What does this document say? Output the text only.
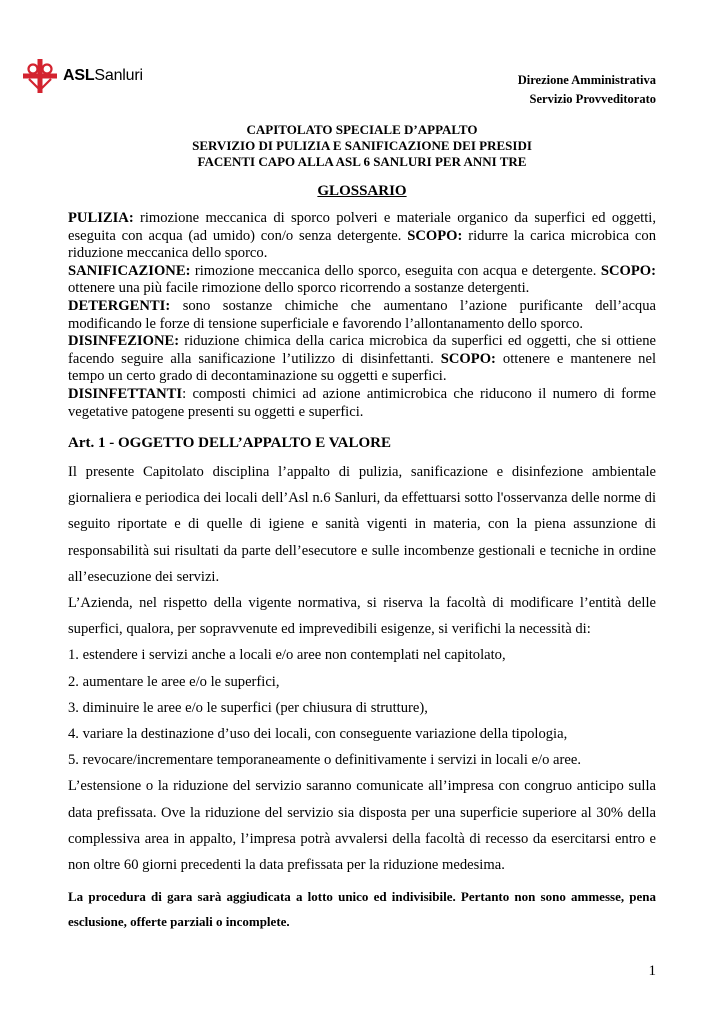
ASLSanluri	Direzione Amministrativa
Servizio Provveditorato
CAPITOLATO SPECIALE D’APPALTO
SERVIZIO DI PULIZIA E SANIFICAZIONE DEI PRESIDI
FACENTI CAPO ALLA ASL 6 SANLURI PER ANNI TRE
GLOSSARIO

PULIZIA: rimozione meccanica di sporco polveri e materiale organico da superfici ed oggetti, eseguita con acqua (ad umido) con/o senza detergente. SCOPO: ridurre la carica microbica con riduzione meccanica dello sporco.

SANIFICAZIONE: rimozione meccanica dello sporco, eseguita con acqua e detergente. SCOPO: ottenere una più facile rimozione dello sporco ricorrendo a sostanze detergenti.

DETERGENTI: sono sostanze chimiche che aumentano l’azione purificante dell’acqua modificando le forze di tensione superficiale e favorendo l’allontanamento dello sporco.

DISINFEZIONE: riduzione chimica della carica microbica da superfici ed oggetti, che si ottiene facendo seguire alla sanificazione l’utilizzo di disinfettanti. SCOPO: ottenere e mantenere nel tempo un certo grado di decontaminazione su oggetti e superfici.

DISINFETTANTI: composti chimici ad azione antimicrobica che riducono il numero di forme vegetative patogene presenti su oggetti e superfici.

Art. 1 - OGGETTO DELL’APPALTO E VALORE

Il presente Capitolato disciplina l’appalto di pulizia, sanificazione e disinfezione ambientale giornaliera e periodica dei locali dell’Asl n.6 Sanluri, da effettuarsi sotto l'osservanza delle norme di seguito riportate e di quelle di igiene e sanità vigenti in materia, con la piena assunzione di responsabilità sui risultati da parte dell’esecutore e sulle incombenze gestionali e tecniche in ordine all’esecuzione dei servizi.

L’Azienda, nel rispetto della vigente normativa, si riserva la facoltà di modificare l’entità delle superfici, qualora, per sopravvenute ed imprevedibili esigenze, si verifichi la necessità di:

1. estendere i servizi anche a locali e/o aree non contemplati nel capitolato,

2. aumentare le aree e/o le superfici,

3. diminuire le aree e/o le superfici (per chiusura di strutture),

4. variare la destinazione d’uso dei locali, con conseguente variazione della tipologia,

5. revocare/incrementare temporaneamente o definitivamente i servizi in locali e/o aree.

L’estensione o la riduzione del servizio saranno comunicate all’impresa con congruo anticipo sulla data prefissata. Ove la riduzione del servizio sia disposta per una superficie superiore al 30% della complessiva area in appalto, l’impresa potrà avvalersi della facoltà di recesso da esercitarsi entro e non oltre 60 giorni precedenti la data prefissata per la riduzione medesima.

La procedura di gara sarà aggiudicata a lotto unico ed indivisibile. Pertanto non sono ammesse, pena esclusione, offerte parziali o incomplete.
1
